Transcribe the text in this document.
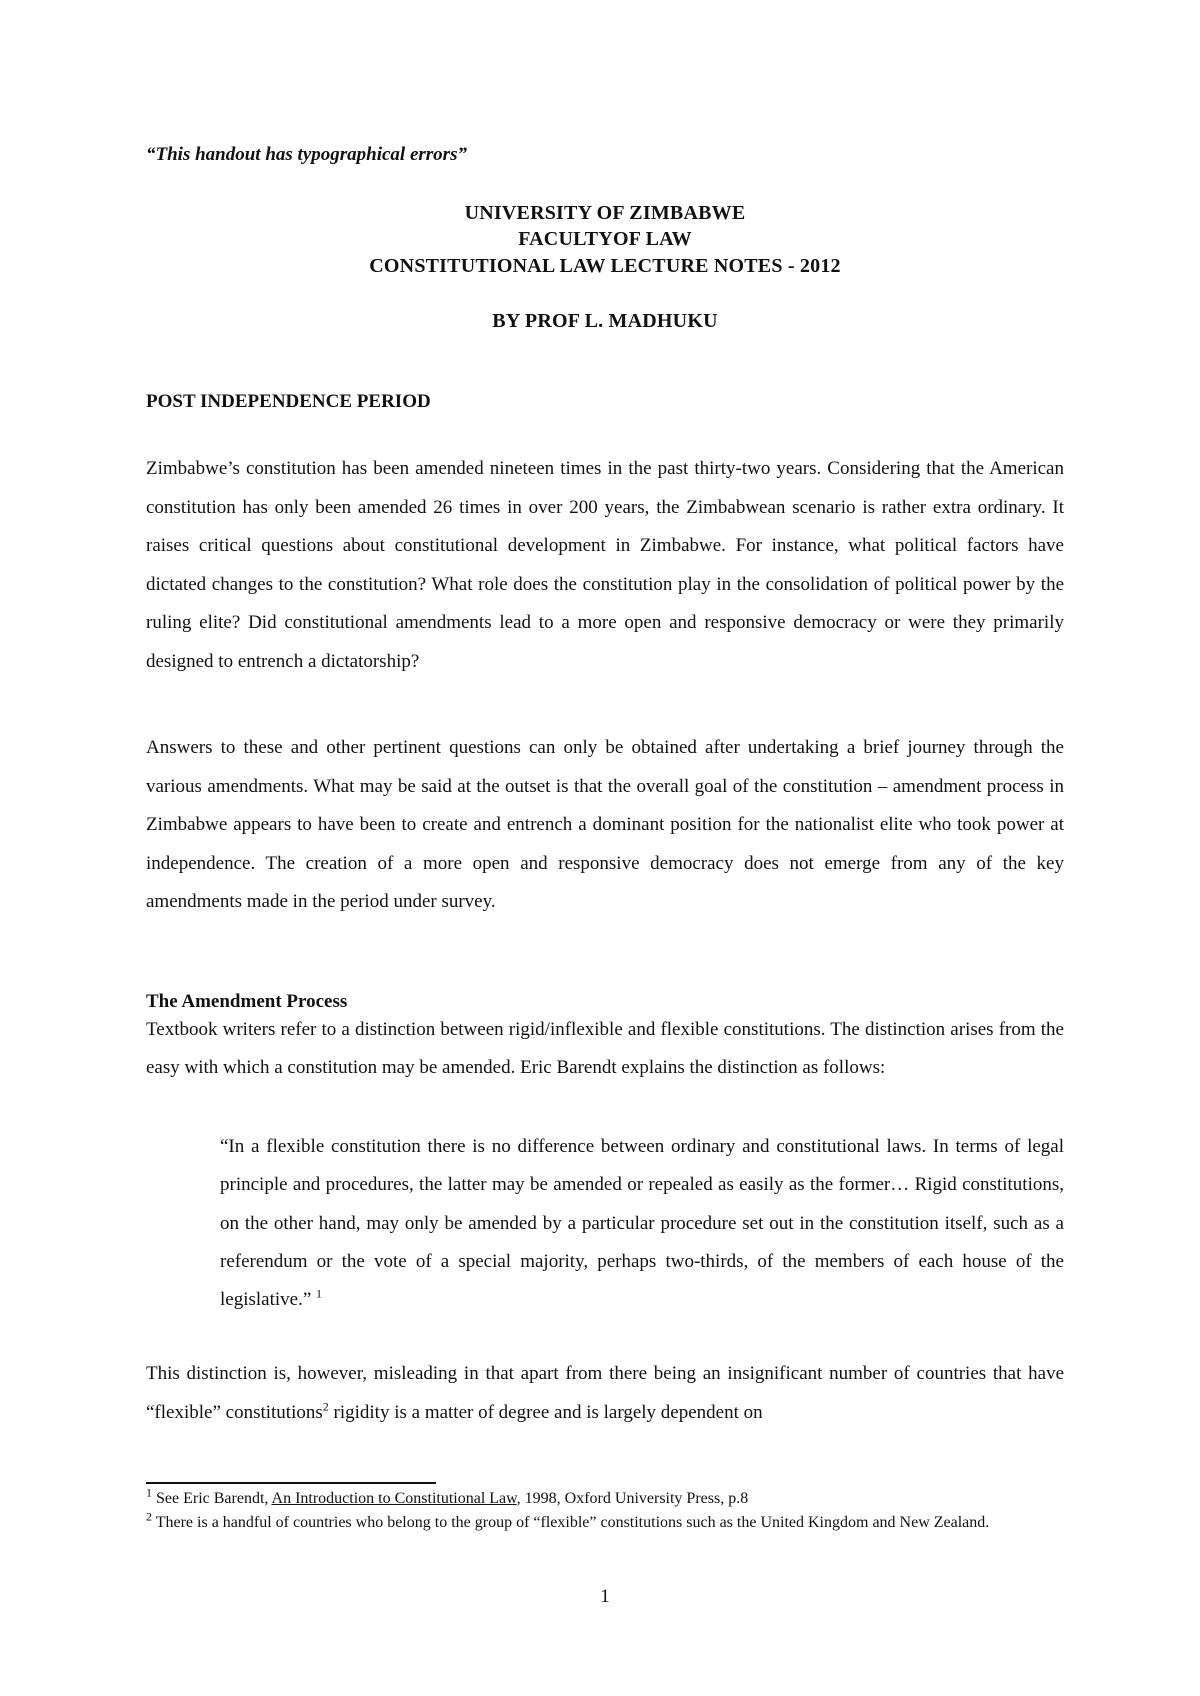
“This handout has typographical errors”
UNIVERSITY OF ZIMBABWE
FACULTYOF LAW
CONSTITUTIONAL LAW LECTURE NOTES - 2012
BY PROF L. MADHUKU
POST INDEPENDENCE PERIOD

Zimbabwe’s constitution has been amended nineteen times in the past thirty-two years. Considering that the American constitution has only been amended 26 times in over 200 years, the Zimbabwean scenario is rather extra ordinary. It raises critical questions about constitutional development in Zimbabwe. For instance, what political factors have dictated changes to the constitution? What role does the constitution play in the consolidation of political power by the ruling elite? Did constitutional amendments lead to a more open and responsive democracy or were they primarily designed to entrench a dictatorship?

Answers to these and other pertinent questions can only be obtained after undertaking a brief journey through the various amendments. What may be said at the outset is that the overall goal of the constitution – amendment process in Zimbabwe appears to have been to create and entrench a dominant position for the nationalist elite who took power at independence. The creation of a more open and responsive democracy does not emerge from any of the key amendments made in the period under survey.

The Amendment Process

Textbook writers refer to a distinction between rigid/inflexible and flexible constitutions. The distinction arises from the easy with which a constitution may be amended. Eric Barendt explains the distinction as follows:

“In a flexible constitution there is no difference between ordinary and constitutional laws. In terms of legal principle and procedures, the latter may be amended or repealed as easily as the former… Rigid constitutions, on the other hand, may only be amended by a particular procedure set out in the constitution itself, such as a referendum or the vote of a special majority, perhaps two-thirds, of the members of each house of the legislative.” $^1$

This distinction is, however, misleading in that apart from there being an insignificant number of countries that have “flexible” constitutions$^2$ rigidity is a matter of degree and is largely dependent on

$^1$ See Eric Barendt, An Introduction to Constitutional Law, 1998, Oxford University Press, p.8
$^2$ There is a handful of countries who belong to the group of “flexible” constitutions such as the United Kingdom and New Zealand.
1
